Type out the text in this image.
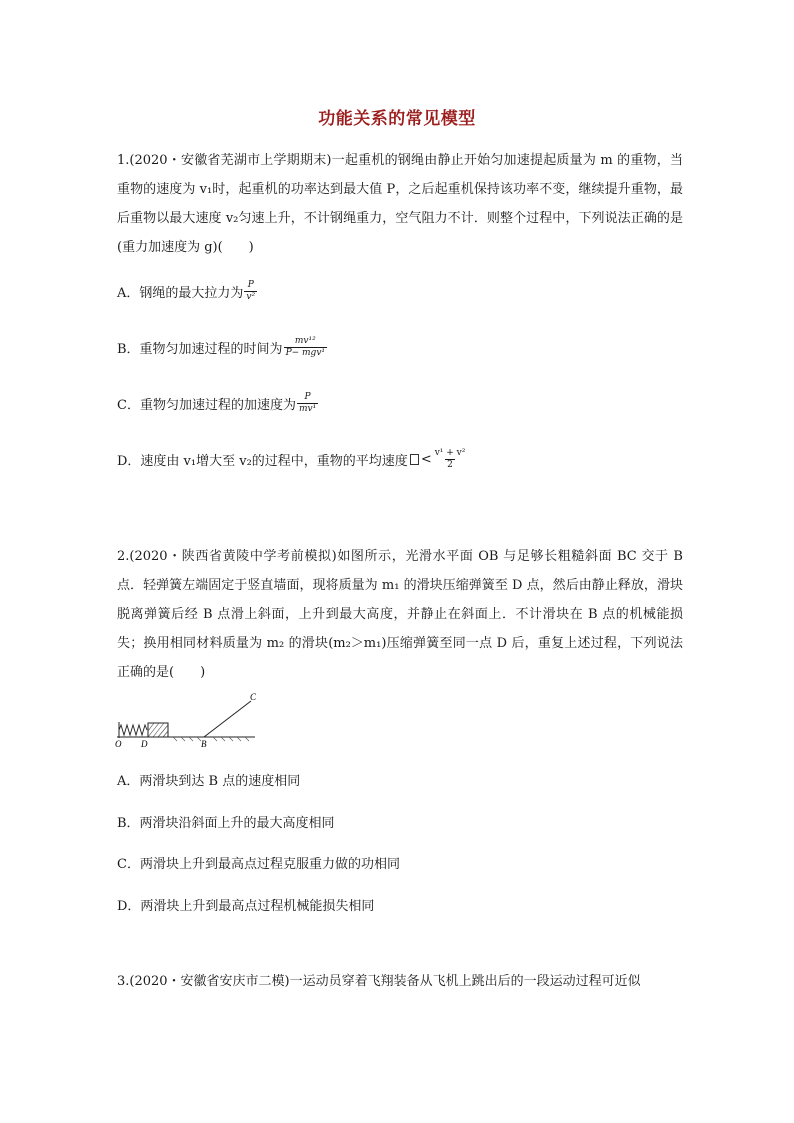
功能关系的常见模型
1.(2020・安徽省芜湖市上学期期末)一起重机的钢绳由静止开始匀加速提起质量为 m 的重物，当重物的速度为 v₁时，起重机的功率达到最大值 P，之后起重机保持该功率不变，继续提升重物，最后重物以最大速度 v₂匀速上升，不计钢绳重力，空气阻力不计．则整个过程中，下列说法正确的是(重力加速度为 g)(　　)
A．钢绳的最大拉力为 $\frac{P}{\text{v²}}$
B．重物匀加速过程的时间为 $\frac{\text{mv¹²}}{\text{P− mgv¹}}$
C．重物匀加速过程的加速度为 $\frac{P}{\text{mv¹}}$
D．速度由 v₁增大至 v₂的过程中，重物的平均速度 < $\frac{\text{v¹ + v²}}{2}$
2.(2020・陕西省黄陵中学考前模拟)如图所示，光滑水平面 OB 与足够长粗糙斜面 BC 交于 B 点．轻弹簧左端固定于竖直墙面，现将质量为 m₁ 的滑块压缩弹簧至 D 点，然后由静止释放，滑块脱离弹簧后经 B 点滑上斜面，上升到最大高度，并静止在斜面上．不计滑块在 B 点的机械能损失；换用相同材料质量为 m₂ 的滑块(m₂＞m₁)压缩弹簧至同一点 D 后，重复上述过程，下列说法正确的是(　　)
O D	B
C
A．两滑块到达 B 点的速度相同
B．两滑块沿斜面上升的最大高度相同
C．两滑块上升到最高点过程克服重力做的功相同
D．两滑块上升到最高点过程机械能损失相同
3.(2020・安徽省安庆市二模)一运动员穿着飞翔装备从飞机上跳出后的一段运动过程可近似
